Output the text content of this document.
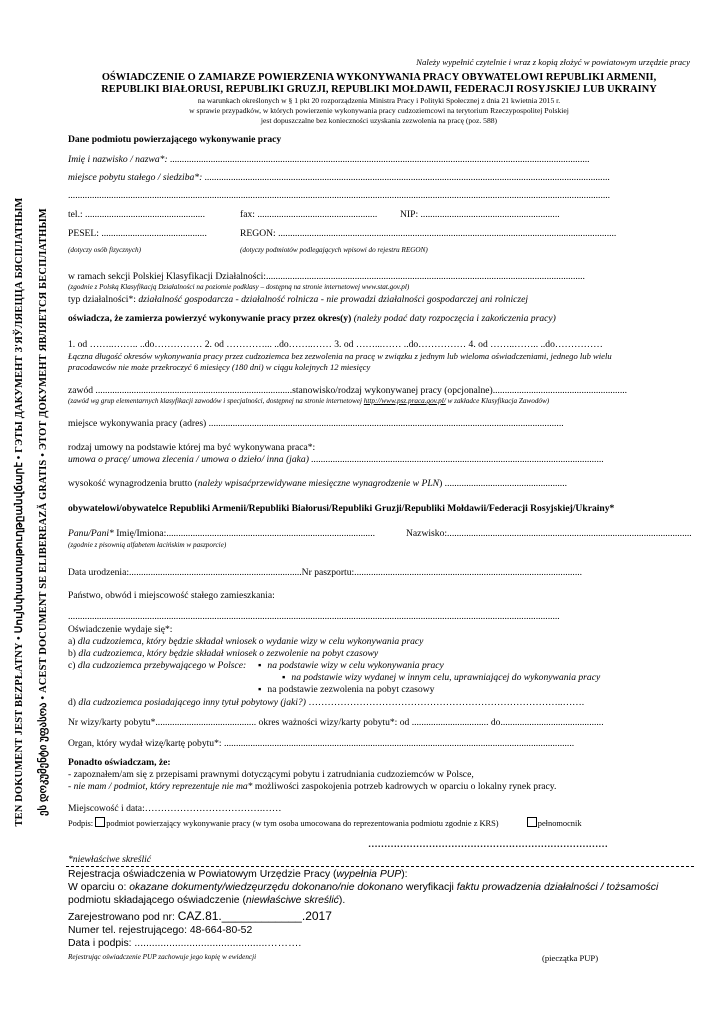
TEN DOKUMENT JEST BEZPŁATNY • Սույնփաստաթուղթըանվճարէ • ГЭТЫ ДАКУМЕНТ З'ЯЎЛЯЕЦЦА БЯСПЛАТНЫМ ეს დოკუმენტი უფასოა • ACEST DOCUMENT SE ELIBEREAZĂ GRATIS • ЭТОТ ДОКУМЕНТ ЯВЛЯЕТСЯ БЕСПЛАТНЫМ
Należy wypełnić czytelnie i wraz z kopią złożyć w powiatowym urzędzie pracy
OŚWIADCZENIE O ZAMIARZE POWIERZENIA WYKONYWANIA PRACY OBYWATELOWI REPUBLIKI ARMENII,
REPUBLIKI BIAŁORUSI, REPUBLIKI GRUZJI, REPUBLIKI MOŁDAWII, FEDERACJI ROSYJSKIEJ LUB UKRAINY
na warunkach określonych w § 1 pkt 20 rozporządzenia Ministra Pracy i Polityki Społecznej z dnia 21 kwietnia 2015 r.
w sprawie przypadków, w których powierzenie wykonywania pracy cudzoziemcowi na terytorium Rzeczypospolitej Polskiej
jest dopuszczalne bez konieczności uzyskania zezwolenia na pracę (poz. 588)
Dane podmiotu powierzającego wykonywanie pracy
Imię i nazwisko / nazwa*: ...............................................................................................................................................................................
miejsce pobytu stałego / siedziba*: .........................................................................................................................................................................
..................................................................................................................................................................................................................................
tel.: ..................................................	fax: .................................................. NIP: ..........................................................
PESEL: ............................................	REGON: .............................................................................................................................................
(dotyczy osób fizycznych)	(dotyczy podmiotów podlegających wpisowi do rejestru REGON)
w ramach sekcji Polskiej Klasyfikacji Działalności:.....................................................................................................................................
(zgodnie z Polską Klasyfikacją Działalności na poziomie podklasy – dostępną na stronie internetowej www.stat.gov.pl)
typ działalności*: działalność gospodarcza - działalność rolnicza - nie prowadzi działalności gospodarczej ani rolniczej
oświadcza, że zamierza powierzyć wykonywanie pracy przez okres(y) (należy podać daty rozpoczęcia i zakończenia pracy)
1. od ……..…….. ..do…………… 2. od …………... ..do……..…… 3. od ……...…… ..do…………… 4. od ……..…….. ..do……………
Łączna długość okresów wykonywania pracy przez cudzoziemca bez zezwolenia na pracę w związku z jednym lub wieloma oświadczeniami, jednego lub wielu
pracodawców nie może przekroczyć 6 miesięcy (180 dni) w ciągu kolejnych 12 miesięcy
zawód ..................................................................................stanowisko/rodzaj wykonywanej pracy (opcjonalne)........................................................
(zawód wg grup elementarnych klasyfikacji zawodów i specjalności, dostępnej na stronie internetowej http://www.psz.praca.gov.pl/ w zakładce Klasyfikacja Zawodów)
miejsce wykonywania pracy (adres) ....................................................................................................................................................
rodzaj umowy na podstawie której ma być wykonywana praca*:
umowa o pracę/ umowa zlecenia / umowa o dzieło/ inna (jaka) ..........................................................................................................................
wysokość wynagrodzenia brutto (należy wpisaćprzewidywane miesięczne wynagrodzenie w PLN) ...................................................
obywatelowi/obywatelce Republiki Armenii/Republiki Białorusi/Republiki Gruzji/Republiki Mołdawii/Federacji Rosyjskiej/Ukrainy*
Panu/Pani* Imię/Imiona:.......................................................................................	Nazwisko:......................................................................................................
(zgodnie z pisownią alfabetem łacińskim w paszporcie)
Data urodzenia:........................................................................Nr paszportu:...............................................................................................
Państwo, obwód i miejscowość stałego zamieszkania:
.............................................................................................................................................................................................................
Oświadczenie wydaje się*:
a) dla cudzoziemca, który będzie składał wniosek o wydanie wizy w celu wykonywania pracy
b) dla cudzoziemca, który będzie składał wniosek o zezwolenie na pobyt czasowy
c) dla cudzoziemca przebywającego w Polsce:	▪ na podstawie wizy w celu wykonywania pracy
▪ na podstawie wizy wydanej w innym celu, uprawniającej do wykonywania pracy
▪ na podstawie zezwolenia na pobyt czasowy
d) dla cudzoziemca posiadającego inny tytuł pobytowy (jaki?) ……………………………………………………………………..…….
Nr wizy/karty pobytu*.......................................... okres ważności wizy/karty pobytu*: od ................................ do...........................................
Organ, który wydał wizę/kartę pobytu*: ..................................................................................................................................................
Ponadto oświadczam, że:
- zapoznałem/am się z przepisami prawnymi dotyczącymi pobytu i zatrudniania cudzoziemców w Polsce,
- nie mam / podmiot, który reprezentuje nie ma* możliwości zaspokojenia potrzeb kadrowych w oparciu o lokalny rynek pracy.
Miejscowość i data:……………………………….……
Podpis: podmiot powierzający wykonywanie pracy (w tym osoba umocowana do reprezentowania podmiotu zgodnie z KRS)	pełnomocnik
…………………………………………………………………
*niewłaściwe skreślić
Rejestracja oświadczenia w Powiatowym Urzędzie Pracy (wypełnia PUP):
W oparciu o: okazane dokumenty/wiedzęurzędu dokonano/nie dokonano weryfikacji faktu prowadzenia działalności / tożsamości
podmiotu składającego oświadczenie (niewłaściwe skreślić).
Zarejestrowano pod nr: CAZ.81.____________.2017
Numer tel. rejestrującego: 48-664-80-52
Data i podpis: ..............................................……….
Rejestrując oświadczenie PUP zachowuje jego kopię w ewidencji	(pieczątka PUP)
